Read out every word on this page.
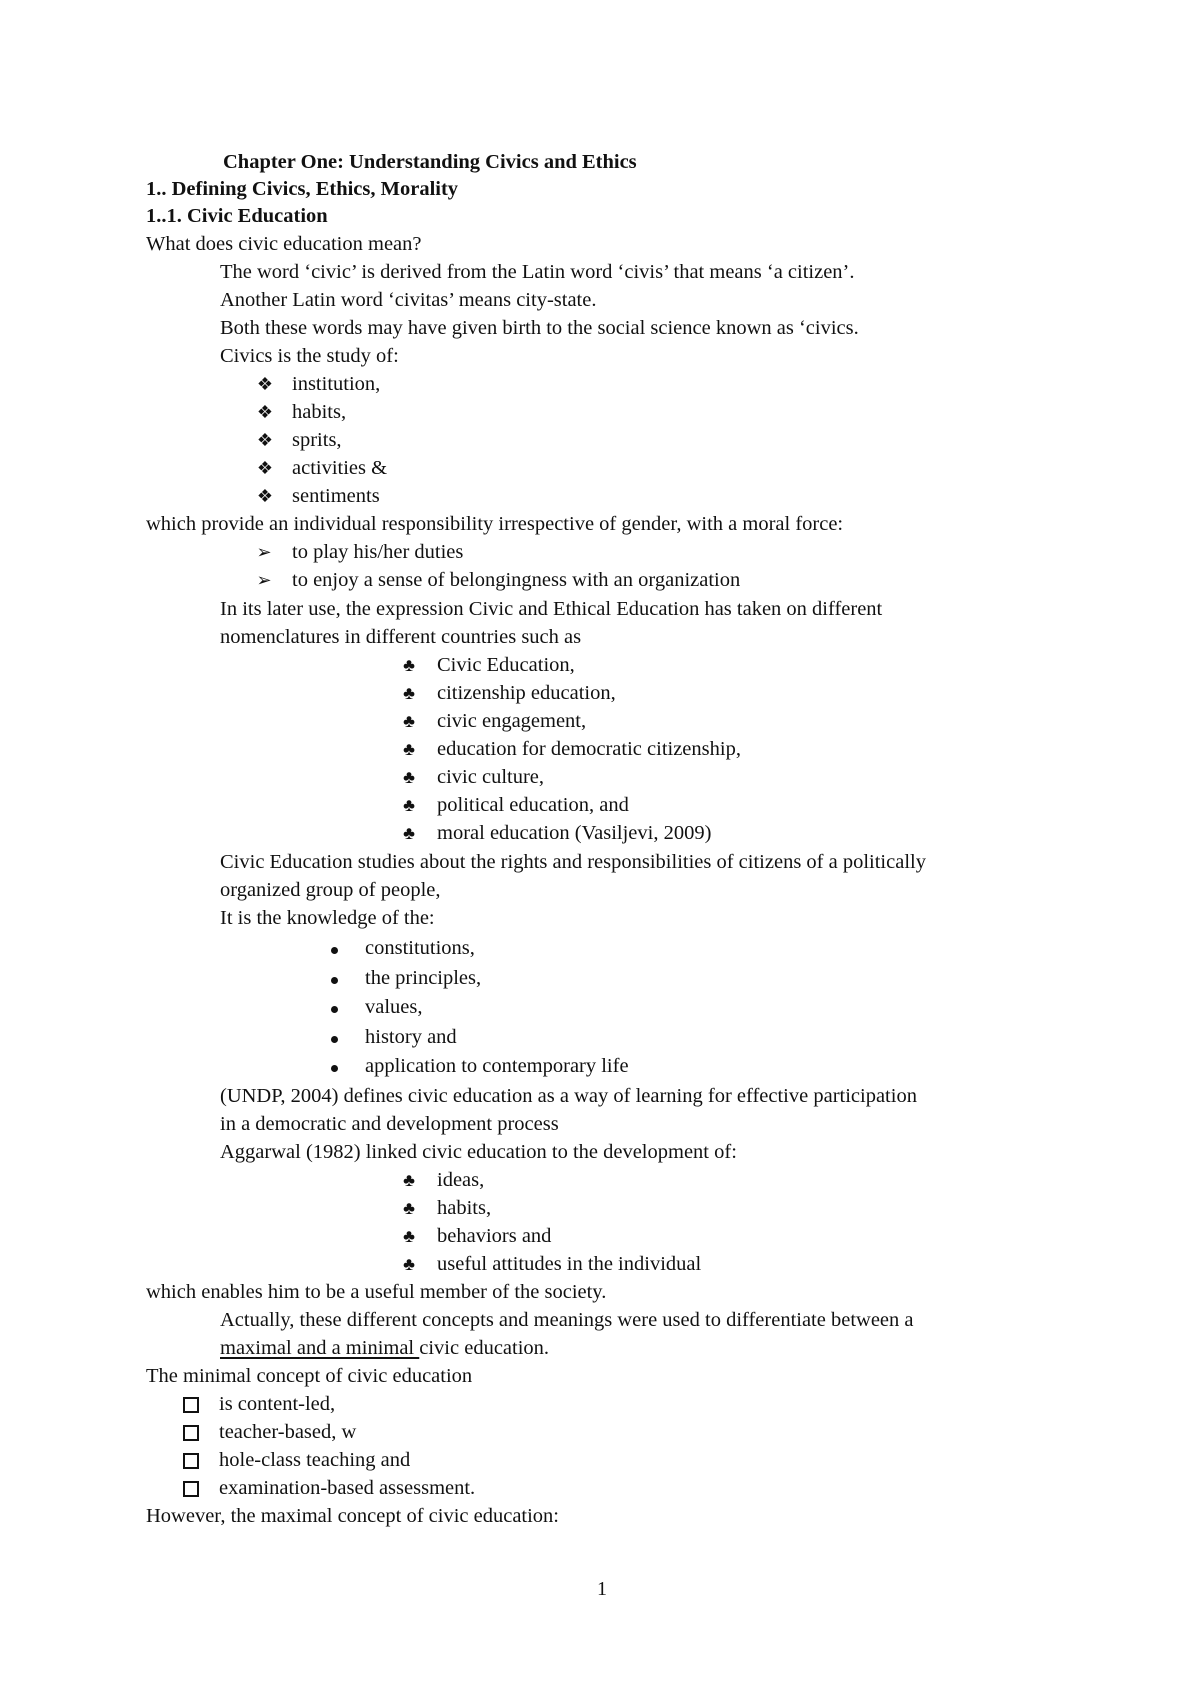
Chapter One: Understanding Civics and Ethics
1.. Defining Civics, Ethics, Morality
1..1. Civic Education
What does civic education mean?
The word ‘civic’ is derived from the Latin word ‘civis’ that means ‘a citizen’.
Another Latin word ‘civitas’ means city-state.
Both these words may have given birth to the social science known as ‘civics.
Civics is the study of:
❖ institution,
❖ habits,
❖ sprits,
❖ activities &
❖ sentiments
which provide an individual responsibility irrespective of gender, with a moral force:
➢ to play his/her duties
➢ to enjoy a sense of belongingness with an organization
In its later use, the expression Civic and Ethical Education has taken on different
nomenclatures in different countries such as
♣ Civic Education,
♣ citizenship education,
♣ civic engagement,
♣ education for democratic citizenship,
♣ civic culture,
♣ political education, and
♣ moral education (Vasiljevi, 2009)
Civic Education studies about the rights and responsibilities of citizens of a politically
organized group of people,
It is the knowledge of the:
constitutions,
the principles,
values,
history and
application to contemporary life
(UNDP, 2004) defines civic education as a way of learning for effective participation
in a democratic and development process
Aggarwal (1982) linked civic education to the development of:
♣ ideas,
♣ habits,
♣ behaviors and
♣ useful attitudes in the individual
which enables him to be a useful member of the society.
Actually, these different concepts and meanings were used to differentiate between a
maximal and a minimal civic education.
The minimal concept of civic education
is content-led,
teacher-based, w
hole-class teaching and
examination-based assessment.
However, the maximal concept of civic education:
1
